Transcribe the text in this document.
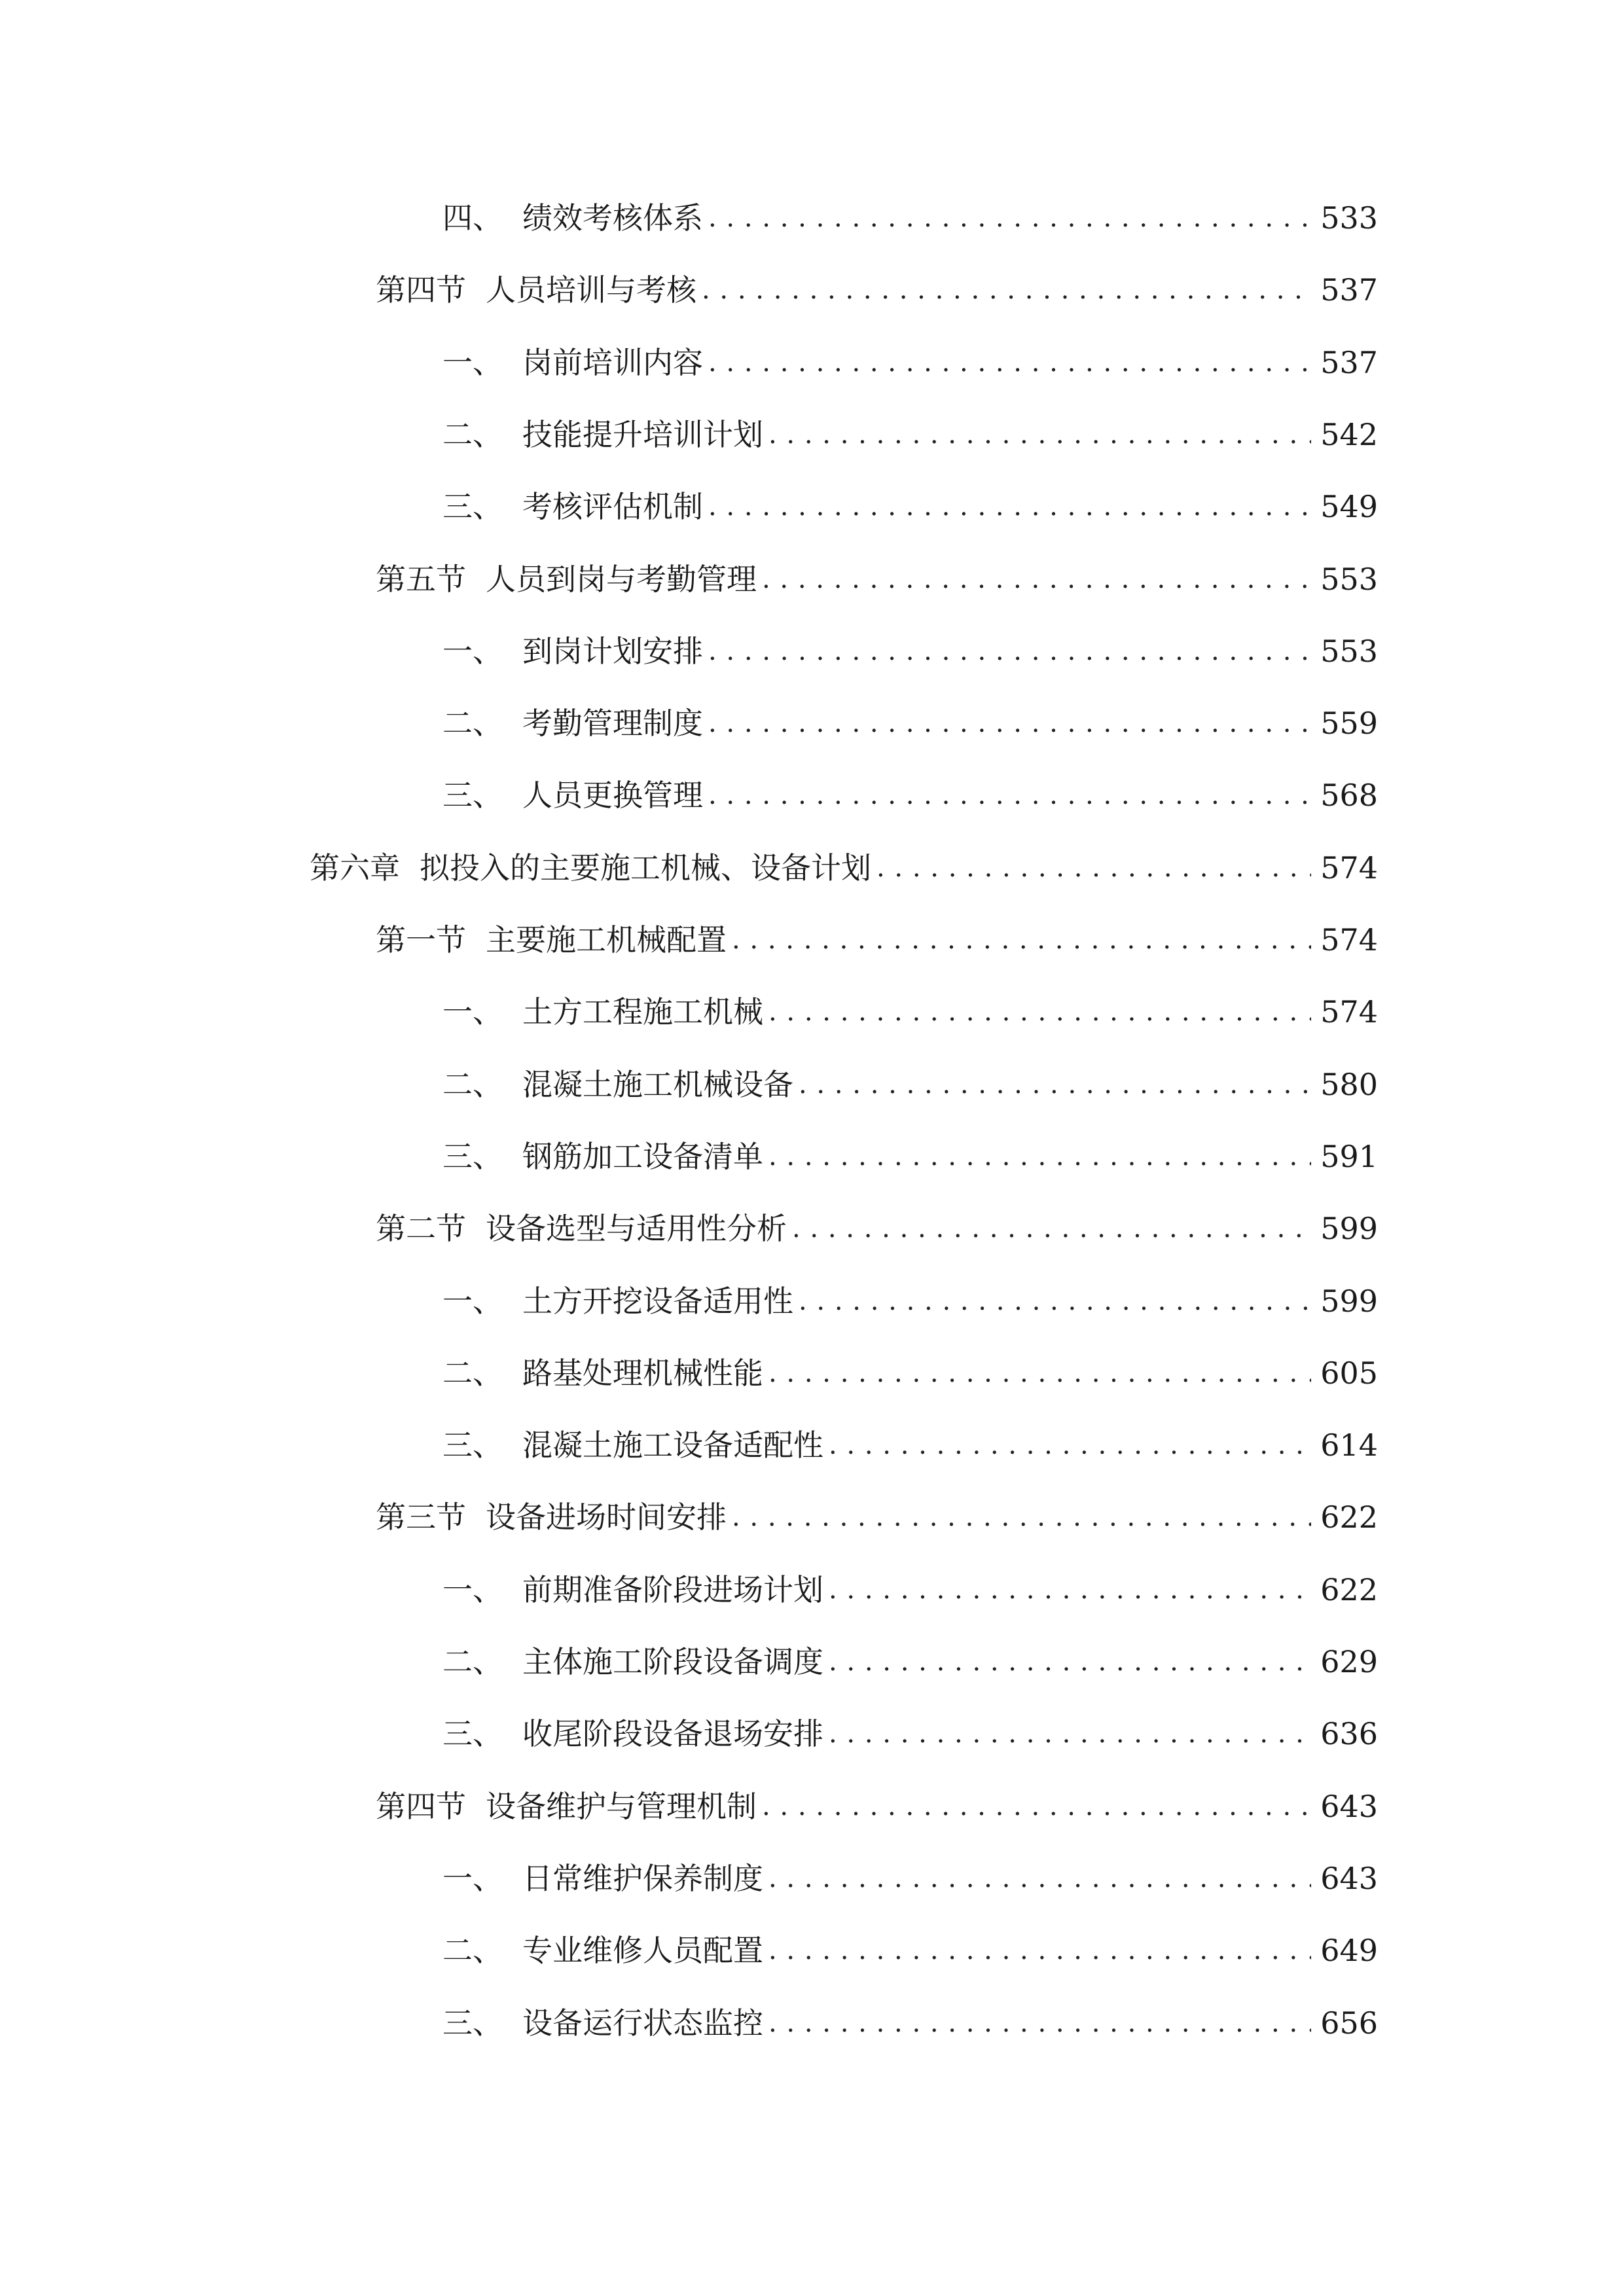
四、 绩效考核体系 . . .	533
第四节 人员培训与考核 . . .	537
一、 岗前培训内容 . . .	537
二、 技能提升培训计划 . . .	542
三、 考核评估机制 . . .	549
第五节 人员到岗与考勤管理 . . .	553
一、 到岗计划安排 . . .	553
二、 考勤管理制度 . . .	559
三、 人员更换管理 . . .	568
第六章 拟投入的主要施工机械、设备计划 . . .	574
第一节 主要施工机械配置 . . .	574
一、 土方工程施工机械 . . .	574
二、 混凝土施工机械设备 . . .	580
三、 钢筋加工设备清单 . . .	591
第二节 设备选型与适用性分析 . . .	599
一、 土方开挖设备适用性 . . .	599
二、 路基处理机械性能 . . .	605
三、 混凝土施工设备适配性 . . .	614
第三节 设备进场时间安排 . . .	622
一、 前期准备阶段进场计划 . . .	622
二、 主体施工阶段设备调度 . . .	629
三、 收尾阶段设备退场安排 . . .	636
第四节 设备维护与管理机制 . . .	643
一、 日常维护保养制度 . . .	643
二、 专业维修人员配置 . . .	649
三、 设备运行状态监控 . . .	656
